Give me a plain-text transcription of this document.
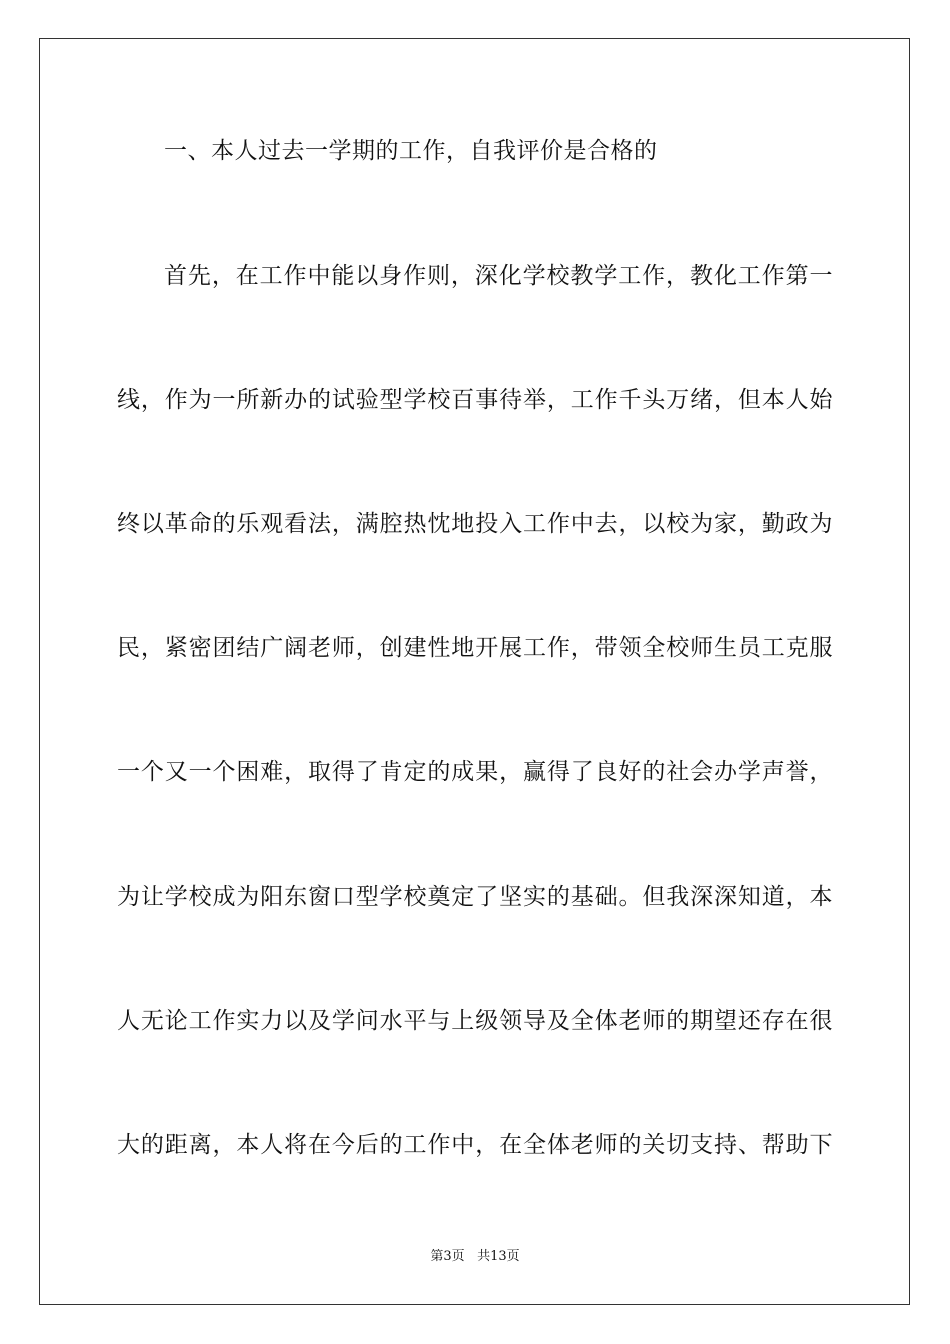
一、本人过去一学期的工作，自我评价是合格的
首先，在工作中能以身作则，深化学校教学工作，教化工作第一
线，作为一所新办的试验型学校百事待举，工作千头万绪，但本人始
终以革命的乐观看法，满腔热忱地投入工作中去，以校为家，勤政为
民，紧密团结广阔老师，创建性地开展工作，带领全校师生员工克服
一个又一个困难，取得了肯定的成果，赢得了良好的社会办学声誉，
为让学校成为阳东窗口型学校奠定了坚实的基础。但我深深知道，本
人无论工作实力以及学问水平与上级领导及全体老师的期望还存在很
大的距离，本人将在今后的工作中，在全体老师的关切支持、帮助下
第3页 共13页
